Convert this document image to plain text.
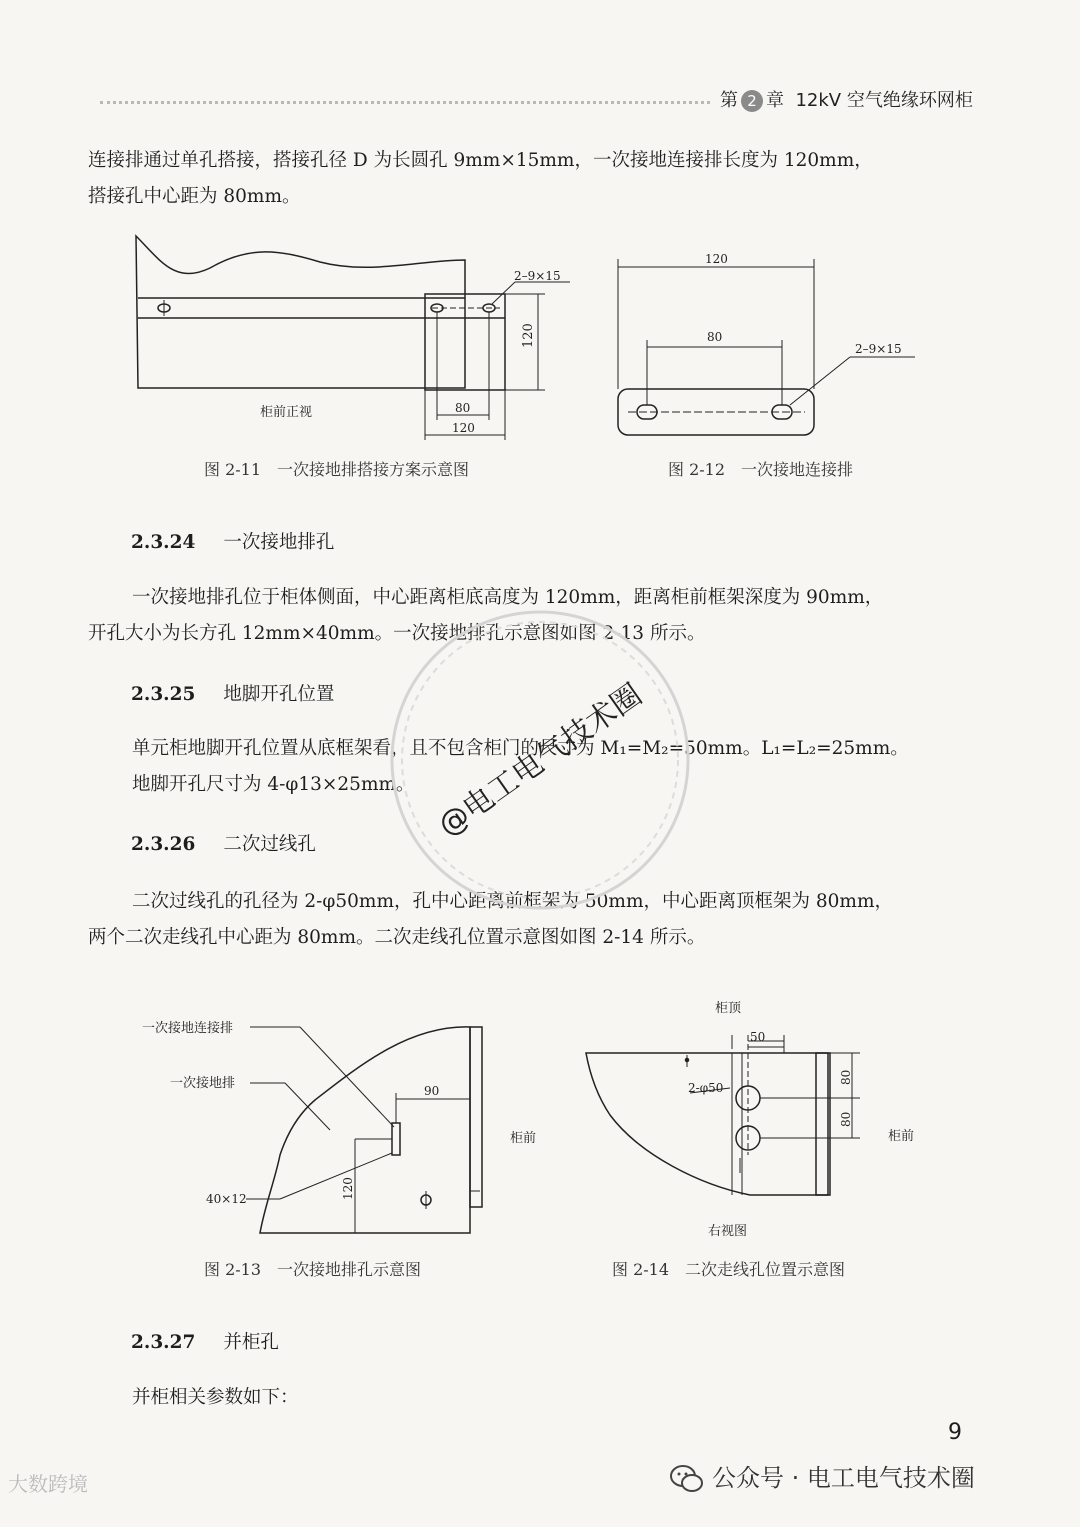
第 2 章 12kV 空气绝缘环网柜
连接排通过单孔搭接，搭接孔径 D 为长圆孔 9mm×15mm，一次接地连接排长度为 120mm，
搭接孔中心距为 80mm。
2–9×15
120
80
120
柜前正视
图 2-11　一次接地排搭接方案示意图
120
80
2–9×15
图 2-12　一次接地连接排
2.3.24 一次接地排孔
一次接地排孔位于柜体侧面，中心距离柜底高度为 120mm，距离柜前框架深度为 90mm，
开孔大小为长方孔 12mm×40mm。一次接地排孔示意图如图 2-13 所示。
2.3.25 地脚开孔位置
单元柜地脚开孔位置从底框架看，且不包含柜门的尺寸为 M₁=M₂=50mm。L₁=L₂=25mm。
地脚开孔尺寸为 4-φ13×25mm。
2.3.26 二次过线孔
二次过线孔的孔径为 2-φ50mm，孔中心距离前框架为 50mm，中心距离顶框架为 80mm，
两个二次走线孔中心距为 80mm。二次走线孔位置示意图如图 2-14 所示。
一次接地连接排
一次接地排
40×12
90
120
柜前
图 2-13　一次接地排孔示意图
柜顶
50
2-φ50
80
80
柜前
右视图
图 2-14　二次走线孔位置示意图
2.3.27 并柜孔
并柜相关参数如下：
@电工电气技术圈
9
公众号 · 电工电气技术圈
大数跨境
